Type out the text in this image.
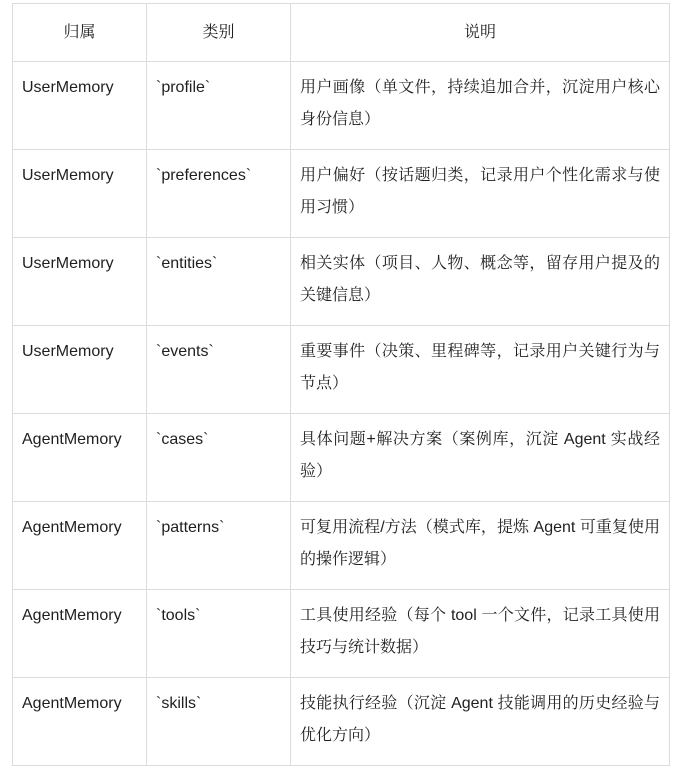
归属	类别	说明
UserMemory	`profile`	用户画像（单文件，持续追加合并，沉淀用户核心身份信息）
UserMemory	`preferences`	用户偏好（按话题归类，记录用户个性化需求与使用习惯）
UserMemory	`entities`	相关实体（项目、人物、概念等，留存用户提及的关键信息）
UserMemory	`events`	重要事件（决策、里程碑等，记录用户关键行为与节点）
AgentMemory	`cases`	具体问题+解决方案（案例库，沉淀 Agent 实战经验）
AgentMemory	`patterns`	可复用流程/方法（模式库，提炼 Agent 可重复使用的操作逻辑）
AgentMemory	`tools`	工具使用经验（每个 tool 一个文件，记录工具使用技巧与统计数据）
AgentMemory	`skills`	技能执行经验（沉淀 Agent 技能调用的历史经验与优化方向）
